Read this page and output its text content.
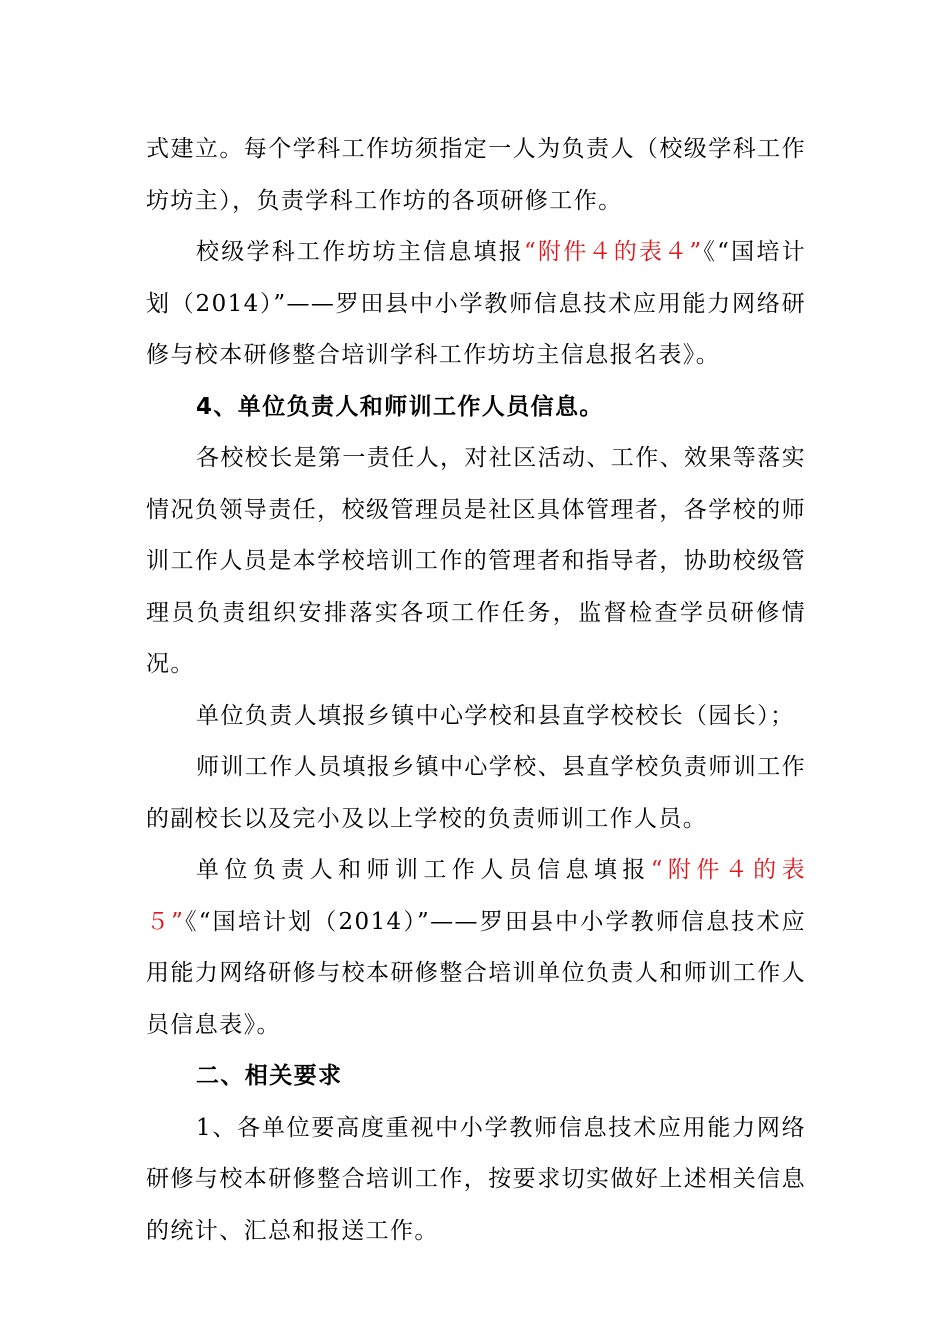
式建立。每个学科工作坊须指定一人为负责人（校级学科工作坊坊主），负责学科工作坊的各项研修工作。

校级学科工作坊坊主信息填报“附件４的表４”《“国培计划（2014）”——罗田县中小学教师信息技术应用能力网络研修与校本研修整合培训学科工作坊坊主信息报名表》。

4、单位负责人和师训工作人员信息。

各校校长是第一责任人，对社区活动、工作、效果等落实情况负领导责任，校级管理员是社区具体管理者，各学校的师训工作人员是本学校培训工作的管理者和指导者，协助校级管理员负责组织安排落实各项工作任务，监督检查学员研修情况。

单位负责人填报乡镇中心学校和县直学校校长（园长）；

师训工作人员填报乡镇中心学校、县直学校负责师训工作的副校长以及完小及以上学校的负责师训工作人员。

单位负责人和师训工作人员信息填报“附件４的表５”《“国培计划（2014）”——罗田县中小学教师信息技术应用能力网络研修与校本研修整合培训单位负责人和师训工作人员信息表》。

二、相关要求

1、各单位要高度重视中小学教师信息技术应用能力网络研修与校本研修整合培训工作，按要求切实做好上述相关信息的统计、汇总和报送工作。
